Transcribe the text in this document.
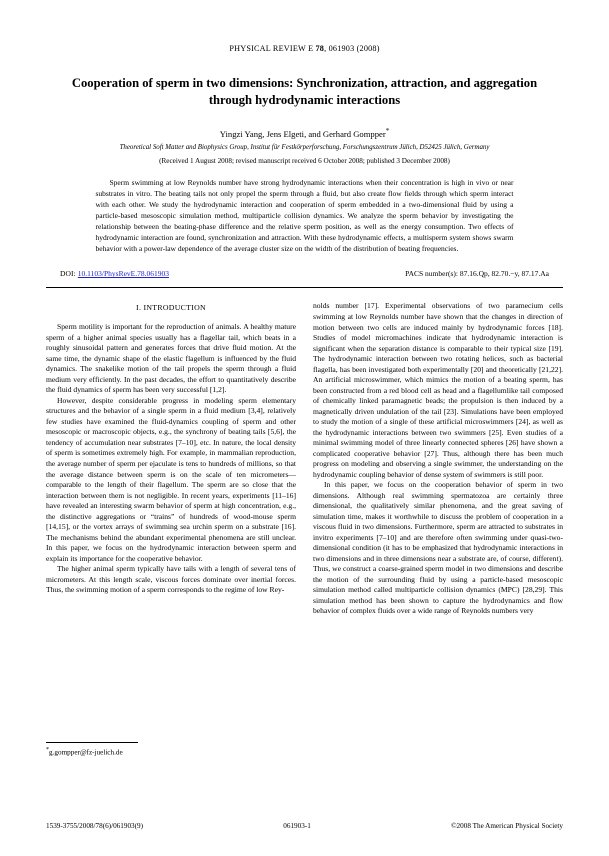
PHYSICAL REVIEW E 78, 061903 (2008)
Cooperation of sperm in two dimensions: Synchronization, attraction, and aggregation through hydrodynamic interactions
Yingzi Yang, Jens Elgeti, and Gerhard Gompper*
Theoretical Soft Matter and Biophysics Group, Institut für Festkörperforschung, Forschungszentrum Jülich, D52425 Jülich, Germany
(Received 1 August 2008; revised manuscript received 6 October 2008; published 3 December 2008)
Sperm swimming at low Reynolds number have strong hydrodynamic interactions when their concentration is high in vivo or near substrates in vitro. The beating tails not only propel the sperm through a fluid, but also create flow fields through which sperm interact with each other. We study the hydrodynamic interaction and cooperation of sperm embedded in a two-dimensional fluid by using a particle-based mesoscopic simulation method, multiparticle collision dynamics. We analyze the sperm behavior by investigating the relationship between the beating-phase difference and the relative sperm position, as well as the energy consumption. Two effects of hydrodynamic interaction are found, synchronization and attraction. With these hydrodynamic effects, a multisperm system shows swarm behavior with a power-law dependence of the average cluster size on the width of the distribution of beating frequencies.
DOI: 10.1103/PhysRevE.78.061903	PACS number(s): 87.16.Qp, 82.70.−y, 87.17.Aa
I. INTRODUCTION

Sperm motility is important for the reproduction of animals. A healthy mature sperm of a higher animal species usually has a flagellar tail, which beats in a roughly sinusoidal pattern and generates forces that drive fluid motion. At the same time, the dynamic shape of the elastic flagellum is influenced by the fluid dynamics. The snakelike motion of the tail propels the sperm through a fluid medium very efficiently. In the past decades, the effort to quantitatively describe the fluid dynamics of sperm has been very successful [1,2].

However, despite considerable progress in modeling sperm elementary structures and the behavior of a single sperm in a fluid medium [3,4], relatively few studies have examined the fluid-dynamics coupling of sperm and other mesoscopic or macroscopic objects, e.g., the synchrony of beating tails [5,6], the tendency of accumulation near substrates [7–10], etc. In nature, the local density of sperm is sometimes extremely high. For example, in mammalian reproduction, the average number of sperm per ejaculate is tens to hundreds of millions, so that the average distance between sperm is on the scale of ten micrometers—comparable to the length of their flagellum. The sperm are so close that the interaction between them is not negligible. In recent years, experiments [11–16] have revealed an interesting swarm behavior of sperm at high concentration, e.g., the distinctive aggregations or “trains” of hundreds of wood-mouse sperm [14,15], or the vortex arrays of swimming sea urchin sperm on a substrate [16]. The mechanisms behind the abundant experimental phenomena are still unclear. In this paper, we focus on the hydrodynamic interaction between sperm and explain its importance for the cooperative behavior.

The higher animal sperm typically have tails with a length of several tens of micrometers. At this length scale, viscous forces dominate over inertial forces. Thus, the swimming motion of a sperm corresponds to the regime of low Rey-

*g.gompper@fz-juelich.de

nolds number [17]. Experimental observations of two paramecium cells swimming at low Reynolds number have shown that the changes in direction of motion between two cells are induced mainly by hydrodynamic forces [18]. Studies of model micromachines indicate that hydrodynamic interaction is significant when the separation distance is comparable to their typical size [19]. The hydrodynamic interaction between two rotating helices, such as bacterial flagella, has been investigated both experimentally [20] and theoretically [21,22]. An artificial microswimmer, which mimics the motion of a beating sperm, has been constructed from a red blood cell as head and a flagellumlike tail composed of chemically linked paramagnetic beads; the propulsion is then induced by a magnetically driven undulation of the tail [23]. Simulations have been employed to study the motion of a single of these artificial microswimmers [24], as well as the hydrodynamic interactions between two swimmers [25]. Even studies of a minimal swimming model of three linearly connected spheres [26] have shown a complicated cooperative behavior [27]. Thus, although there has been much progress on modeling and observing a single swimmer, the understanding on the hydrodynamic coupling behavior of dense system of swimmers is still poor.

In this paper, we focus on the cooperation behavior of sperm in two dimensions. Although real swimming spermatozoa are certainly three dimensional, the qualitatively similar phenomena, and the great saving of simulation time, makes it worthwhile to discuss the problem of cooperation in a viscous fluid in two dimensions. Furthermore, sperm are attracted to substrates in invitro experiments [7–10] and are therefore often swimming under quasi-two-dimensional condition (it has to be emphasized that hydrodynamic interactions in two dimensions and in three dimensions near a substrate are, of course, different). Thus, we construct a coarse-grained sperm model in two dimensions and describe the motion of the surrounding fluid by using a particle-based mesoscopic simulation method called multiparticle collision dynamics (MPC) [28,29]. This simulation method has been shown to capture the hydrodynamics and flow behavior of complex fluids over a wide range of Reynolds numbers very

1539-3755/2008/78(6)/061903(9)	061903-1	©2008 The American Physical Society
